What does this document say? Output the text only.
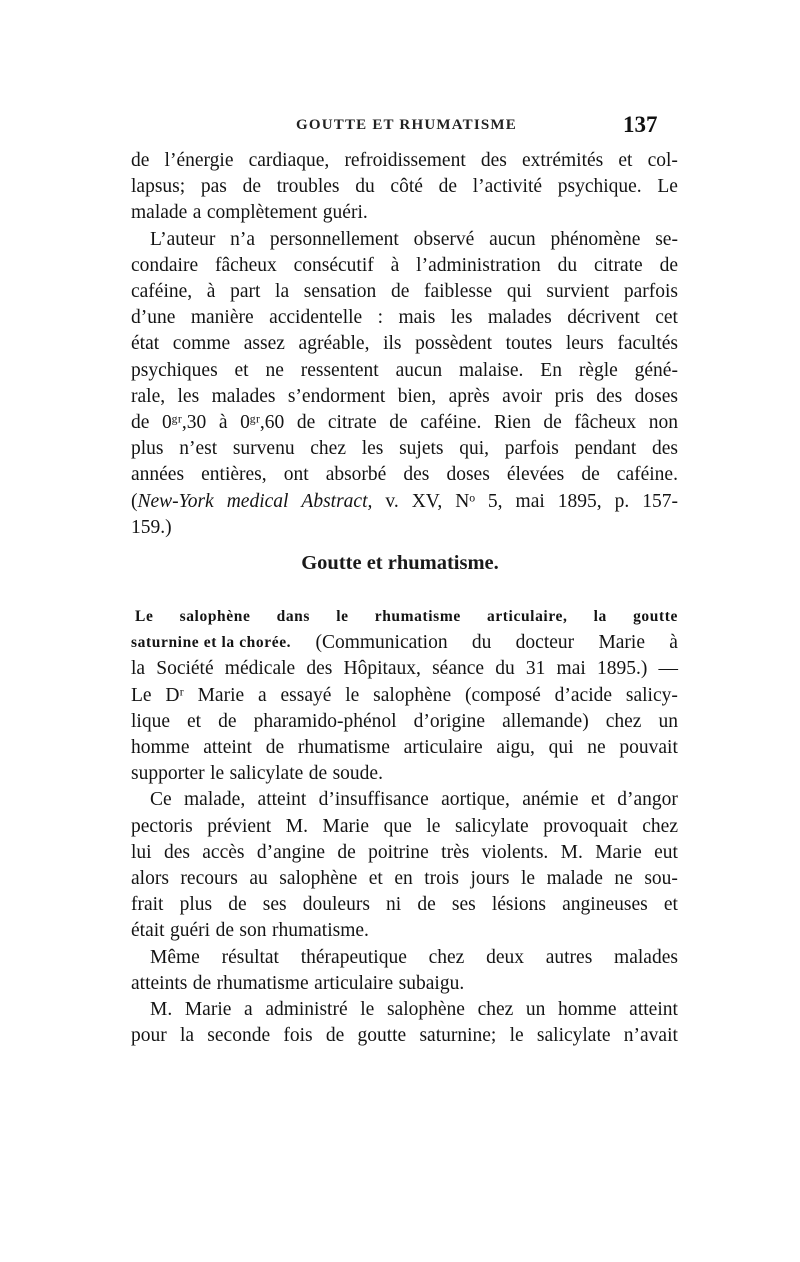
GOUTTE ET RHUMATISME	137
de l’énergie cardiaque, refroidissement des extrémités et col-
lapsus; pas de troubles du côté de l’activité psychique. Le
malade a complètement guéri.
L’auteur n’a personnellement observé aucun phénomène se-
condaire fâcheux consécutif à l’administration du citrate de
caféine, à part la sensation de faiblesse qui survient parfois
d’une manière accidentelle : mais les malades décrivent cet
état comme assez agréable, ils possèdent toutes leurs facultés
psychiques et ne ressentent aucun malaise. En règle géné-
rale, les malades s’endorment bien, après avoir pris des doses
de 0ᵍʳ,30 à 0ᵍʳ,60 de citrate de caféine. Rien de fâcheux non
plus n’est survenu chez les sujets qui, parfois pendant des
années entières, ont absorbé des doses élevées de caféine.
(New-York medical Abstract, v. XV, Nᵒ 5, mai 1895, p. 157-
159.)
Goutte et rhumatisme.
Le salophène dans le rhumatisme articulaire, la goutte
saturnine et la chorée. (Communication du docteur Marie à
la Société médicale des Hôpitaux, séance du 31 mai 1895.) —
Le Dʳ Marie a essayé le salophène (composé d’acide salicy-
lique et de pharamido-phénol d’origine allemande) chez un
homme atteint de rhumatisme articulaire aigu, qui ne pouvait
supporter le salicylate de soude.
Ce malade, atteint d’insuffisance aortique, anémie et d’angor
pectoris prévient M. Marie que le salicylate provoquait chez
lui des accès d’angine de poitrine très violents. M. Marie eut
alors recours au salophène et en trois jours le malade ne sou-
frait plus de ses douleurs ni de ses lésions angineuses et
était guéri de son rhumatisme.
Même résultat thérapeutique chez deux autres malades
atteints de rhumatisme articulaire subaigu.
M. Marie a administré le salophène chez un homme atteint
pour la seconde fois de goutte saturnine; le salicylate n’avait
